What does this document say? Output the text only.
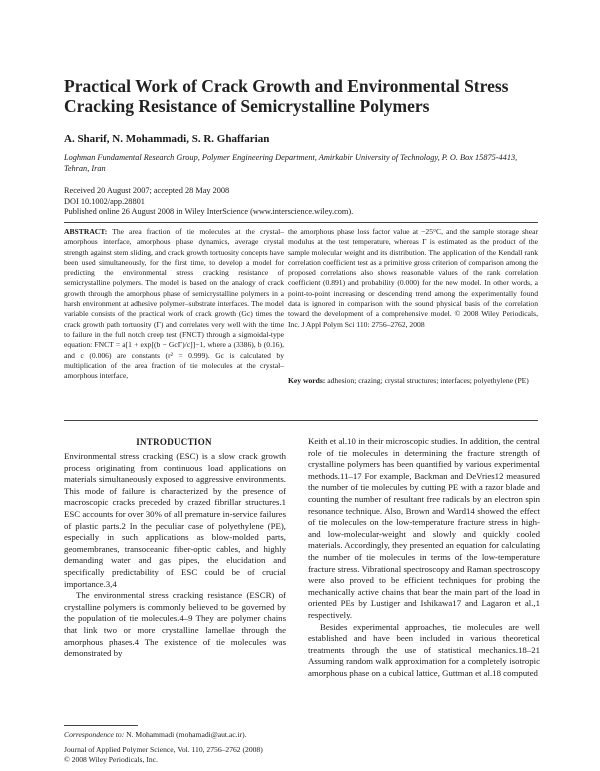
Practical Work of Crack Growth and Environmental Stress Cracking Resistance of Semicrystalline Polymers
A. Sharif, N. Mohammadi, S. R. Ghaffarian
Loghman Fundamental Research Group, Polymer Engineering Department, Amirkabir University of Technology, P. O. Box 15875-4413, Tehran, Iran
Received 20 August 2007; accepted 28 May 2008
DOI 10.1002/app.28801
Published online 26 August 2008 in Wiley InterScience (www.interscience.wiley.com).
ABSTRACT: The area fraction of tie molecules at the crystal–amorphous interface, amorphous phase dynamics, average crystal strength against stem sliding, and crack growth tortuosity concepts have been used simultaneously, for the first time, to develop a model for predicting the environmental stress cracking resistance of semicrystalline polymers. The model is based on the analogy of crack growth through the amorphous phase of semicrystalline polymers in a harsh environment at adhesive polymer–substrate interfaces. The model variable consists of the practical work of crack growth (Gc) times the crack growth path tortuosity (Γ) and correlates very well with the time to failure in the full notch creep test (FNCT) through a sigmoidal-type equation: FNCT = a[1 + exp[(b − GcΓ)/c]]−1, where a (3386), b (0.16), and c (0.006) are constants (r² = 0.999). Gc is calculated by multiplication of the area fraction of tie molecules at the crystal–amorphous interface,
the amorphous phase loss factor value at −25°C, and the sample storage shear modulus at the test temperature, whereas Γ is estimated as the product of the sample molecular weight and its distribution. The application of the Kendall rank correlation coefficient test as a primitive gross criterion of comparison among the proposed correlations also shows reasonable values of the rank correlation coefficient (0.891) and probability (0.000) for the new model. In other words, a point-to-point increasing or descending trend among the experimentally found data is ignored in comparison with the sound physical basis of the correlation toward the development of a comprehensive model. © 2008 Wiley Periodicals, Inc. J Appl Polym Sci 110: 2756–2762, 2008
Key words: adhesion; crazing; crystal structures; interfaces; polyethylene (PE)
INTRODUCTION

Environmental stress cracking (ESC) is a slow crack growth process originating from continuous load applications on materials simultaneously exposed to aggressive environments. This mode of failure is characterized by the presence of macroscopic cracks preceded by crazed fibrillar structures.1 ESC accounts for over 30% of all premature in-service failures of plastic parts.2 In the peculiar case of polyethylene (PE), especially in such applications as blow-molded parts, geomembranes, transoceanic fiber-optic cables, and highly demanding water and gas pipes, the elucidation and specifically predictability of ESC could be of crucial importance.3,4

The environmental stress cracking resistance (ESCR) of crystalline polymers is commonly believed to be governed by the population of tie molecules.4–9 They are polymer chains that link two or more crystalline lamellae through the amorphous phases.4 The existence of tie molecules was demonstrated by

Keith et al.10 in their microscopic studies. In addition, the central role of tie molecules in determining the fracture strength of crystalline polymers has been quantified by various experimental methods.11–17 For example, Backman and DeVries12 measured the number of tie molecules by cutting PE with a razor blade and counting the number of resultant free radicals by an electron spin resonance technique. Also, Brown and Ward14 showed the effect of tie molecules on the low-temperature fracture stress in high- and low-molecular-weight and slowly and quickly cooled materials. Accordingly, they presented an equation for calculating the number of tie molecules in terms of the low-temperature fracture stress. Vibrational spectroscopy and Raman spectroscopy were also proved to be efficient techniques for probing the mechanically active chains that bear the main part of the load in oriented PEs by Lustiger and Ishikawa17 and Lagaron et al.,1 respectively.

Besides experimental approaches, tie molecules are well established and have been included in various theoretical treatments through the use of statistical mechanics.18–21 Assuming random walk approximation for a completely isotropic amorphous phase on a cubical lattice, Guttman et al.18 computed

Correspondence to: N. Mohammadi (mohamadi@aut.ac.ir).
Journal of Applied Polymer Science, Vol. 110, 2756–2762 (2008)
© 2008 Wiley Periodicals, Inc.
